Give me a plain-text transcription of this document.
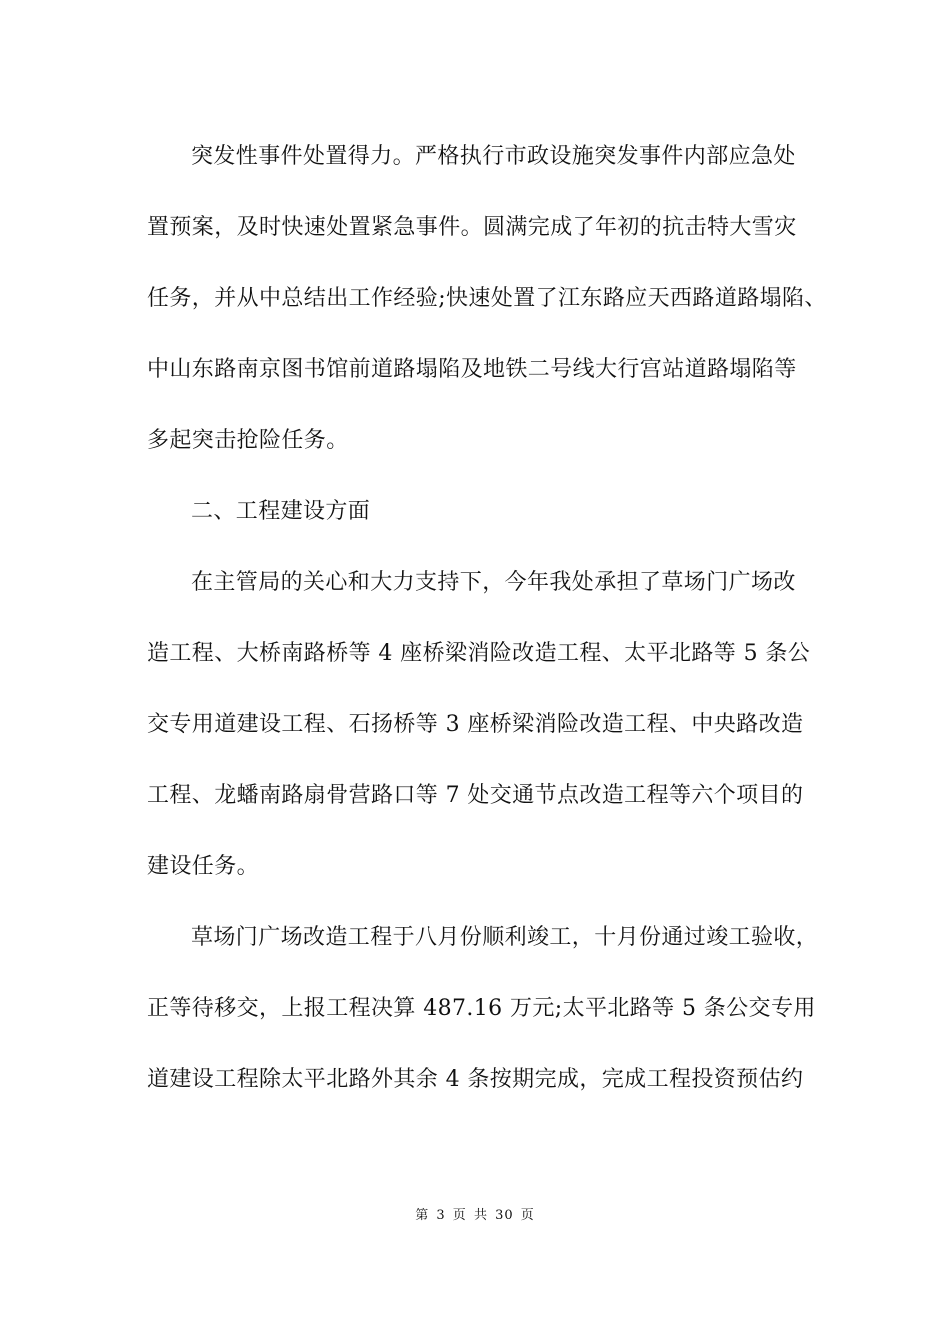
突发性事件处置得力。严格执行市政设施突发事件内部应急处
置预案，及时快速处置紧急事件。圆满完成了年初的抗击特大雪灾
任务，并从中总结出工作经验;快速处置了江东路应天西路道路塌陷、
中山东路南京图书馆前道路塌陷及地铁二号线大行宫站道路塌陷等
多起突击抢险任务。
二、工程建设方面
在主管局的关心和大力支持下，今年我处承担了草场门广场改
造工程、大桥南路桥等 4 座桥梁消险改造工程、太平北路等 5 条公
交专用道建设工程、石扬桥等 3 座桥梁消险改造工程、中央路改造
工程、龙蟠南路扇骨营路口等 7 处交通节点改造工程等六个项目的
建设任务。
草场门广场改造工程于八月份顺利竣工，十月份通过竣工验收，
正等待移交，上报工程决算 487.16 万元;太平北路等 5 条公交专用
道建设工程除太平北路外其余 4 条按期完成，完成工程投资预估约
第 3 页 共 30 页
